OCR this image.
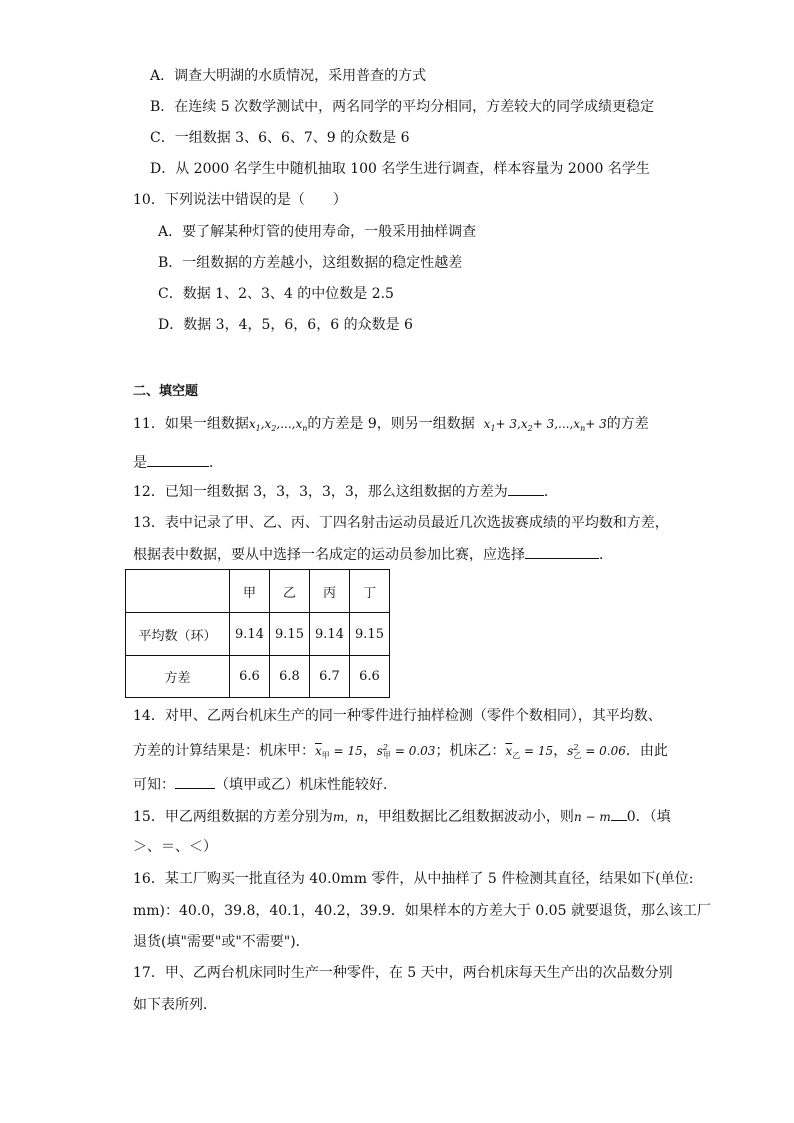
A．调查大明湖的水质情况，采用普查的方式
B．在连续 5 次数学测试中，两名同学的平均分相同，方差较大的同学成绩更稳定
C．一组数据 3、6、6、7、9 的众数是 6
D．从 2000 名学生中随机抽取 100 名学生进行调查，样本容量为 2000 名学生
10．下列说法中错误的是（　　）
A．要了解某种灯管的使用寿命，一般采用抽样调查
B．一组数据的方差越小，这组数据的稳定性越差
C．数据 1、2、3、4 的中位数是 2.5
D．数据 3，4，5，6，6，6 的众数是 6
二、填空题
11．如果一组数据$x_1,x_2,...,x_n$的方差是 9，则另一组数据 $x_1+ 3,x_2+ 3,...,x_n+ 3$的方差
是	．
12．已知一组数据 3，3，3，3，3，那么这组数据的方差为	．
13．表中记录了甲、乙、丙、丁四名射击运动员最近几次选拔赛成绩的平均数和方差，
根据表中数据，要从中选择一名成定的运动员参加比赛，应选择	．
	甲	乙	丙	丁
平均数（环）	9.14	9.15	9.14	9.15
方差	6.6	6.8	6.7	6.6
14．对甲、乙两台机床生产的同一种零件进行抽样检测（零件个数相同），其平均数、
方差的计算结果是：机床甲：$\overline{x}_甲 = 15$，$s^2_甲 = 0.03$；机床乙：$\overline{x}_乙 = 15$，$s^2_乙 = 0.06$．由此
可知：	（填甲或乙）机床性能较好．
15．甲乙两组数据的方差分别为m，n，甲组数据比乙组数据波动小，则n − m 0．（填
＞、＝、＜）
16．某工厂购买一批直径为 40.0mm 零件，从中抽样了 5 件检测其直径，结果如下(单位:
mm)：40.0，39.8，40.1，40.2，39.9．如果样本的方差大于 0.05 就要退货，那么该工厂
退货(填"需要"或"不需要")．
17．甲、乙两台机床同时生产一种零件，在 5 天中，两台机床每天生产出的次品数分别
如下表所列．
